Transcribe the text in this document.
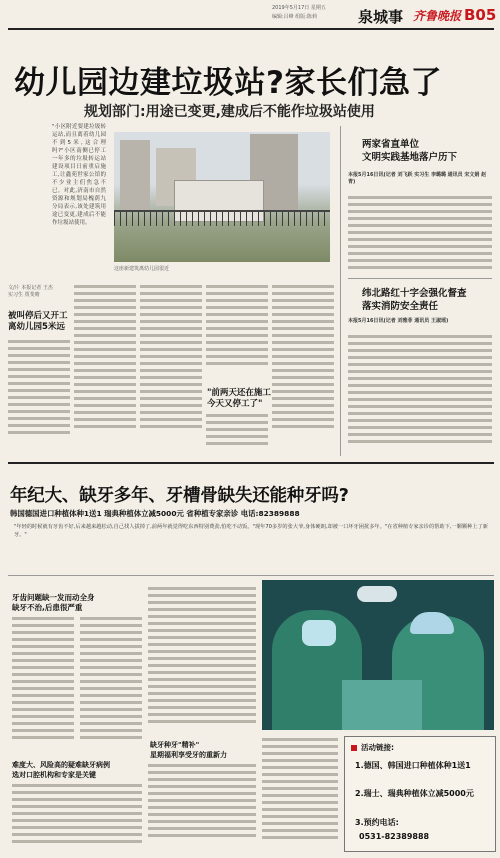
2019年5月17日 星期五
编辑:吕峰 组版:陈莉	泉城事 齐鲁晚报 B05
幼儿园边建垃圾站?家长们急了
规划部门:用途已变更,建成后不能作垃圾站使用
"小区附近要建垃圾转运站,而且离着幼儿园不到5米,这合理吗?"小区南侧已停工一年多的垃圾转运站建设项目日前重启施工,让鑫苑世家公馆的不少业主们焦急不已。对此,济南市自然资源和规划局槐荫九分局表示,该处建筑用途已变更,建成后不能作垃圾站使用。
这座新建筑离幼儿园很近
文/片 本报记者 王杰
实习生 贾斐晴
被叫停后又开工
离幼儿园5米远
"前两天还在施工
今天又停工了"
两家省直单位
文明实践基地落户历下
本报5月16日讯(记者 刘飞跃 实习生 李璐璐 通讯员 宋文娟 赵青)
纬北路红十字会强化督查
落实消防安全责任
本报5月16日讯(记者 刘雅菲 通讯员 王淑瑶)
年纪大、缺牙多年、牙槽骨缺失还能种牙吗?
韩国德国进口种植体种1送1 瑞典种植体立减5000元 省种植专家亲诊 电话:82389888
"年轻的时候就有牙齿不好,后来越来越松动,自己找人拔掉了,前两年就觉得吃东西特别费劲,怕吃不动饭。"现年70多岁的张大爷,身体硬朗,却被一口坏牙困扰多年。"在省种植专家亲诊的帮助下,一颗颗种上了新牙。"
牙齿问题缺一发而动全身
缺牙不治,后患很严重
难度大、风险高的疑难缺牙病例
选对口腔机构和专家是关键
缺牙种牙"精补"
星期福利享受牙的重新力
活动链接:
1.德国、韩国进口种植体种1送1
2.瑞士、瑞典种植体立减5000元
3.预约电话:
0531-82389888
